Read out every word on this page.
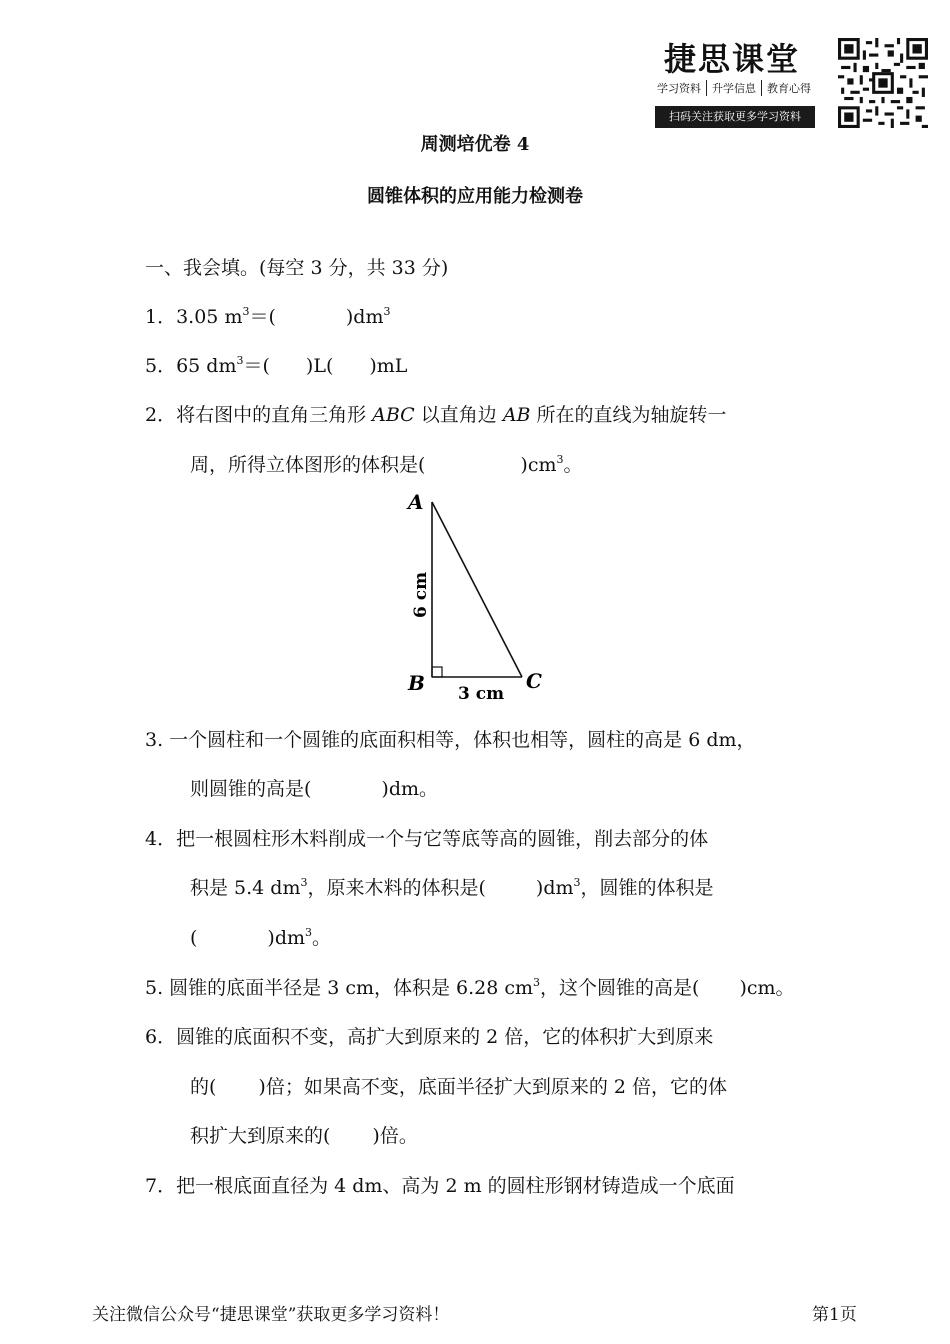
捷思课堂
学习资料 升学信息 教育心得
扫码关注获取更多学习资料
周测培优卷 4
圆锥体积的应用能力检测卷
一、我会填。(每空 3 分，共 33 分)
1．3.05 $m^3=$(	)$dm^3$
5．65 $dm^3=$( )L( )mL
2．将右图中的直角三角形 ABC 以直角边 AB 所在的直线为轴旋转一
周，所得立体图形的体积是(	)$cm^3$。
A
B	C
6 cm
3 cm
3. 一个圆柱和一个圆锥的底面积相等，体积也相等，圆柱的高是 6 dm，
则圆锥的高是(	)dm。
4．把一根圆柱形木料削成一个与它等底等高的圆锥，削去部分的体
积是 5.4 $dm^3$，原来木料的体积是(	)$dm^3$，圆锥的体积是
(	)$dm^3$。
5. 圆锥的底面半径是 3 cm，体积是 6.28 $cm^3$，这个圆锥的高是( )cm。
6．圆锥的底面积不变，高扩大到原来的 2 倍，它的体积扩大到原来
的( )倍；如果高不变，底面半径扩大到原来的 2 倍，它的体
积扩大到原来的( )倍。
7．把一根底面直径为 4 dm、高为 2 m 的圆柱形钢材铸造成一个底面
关注微信公众号“捷思课堂”获取更多学习资料！	第1页
